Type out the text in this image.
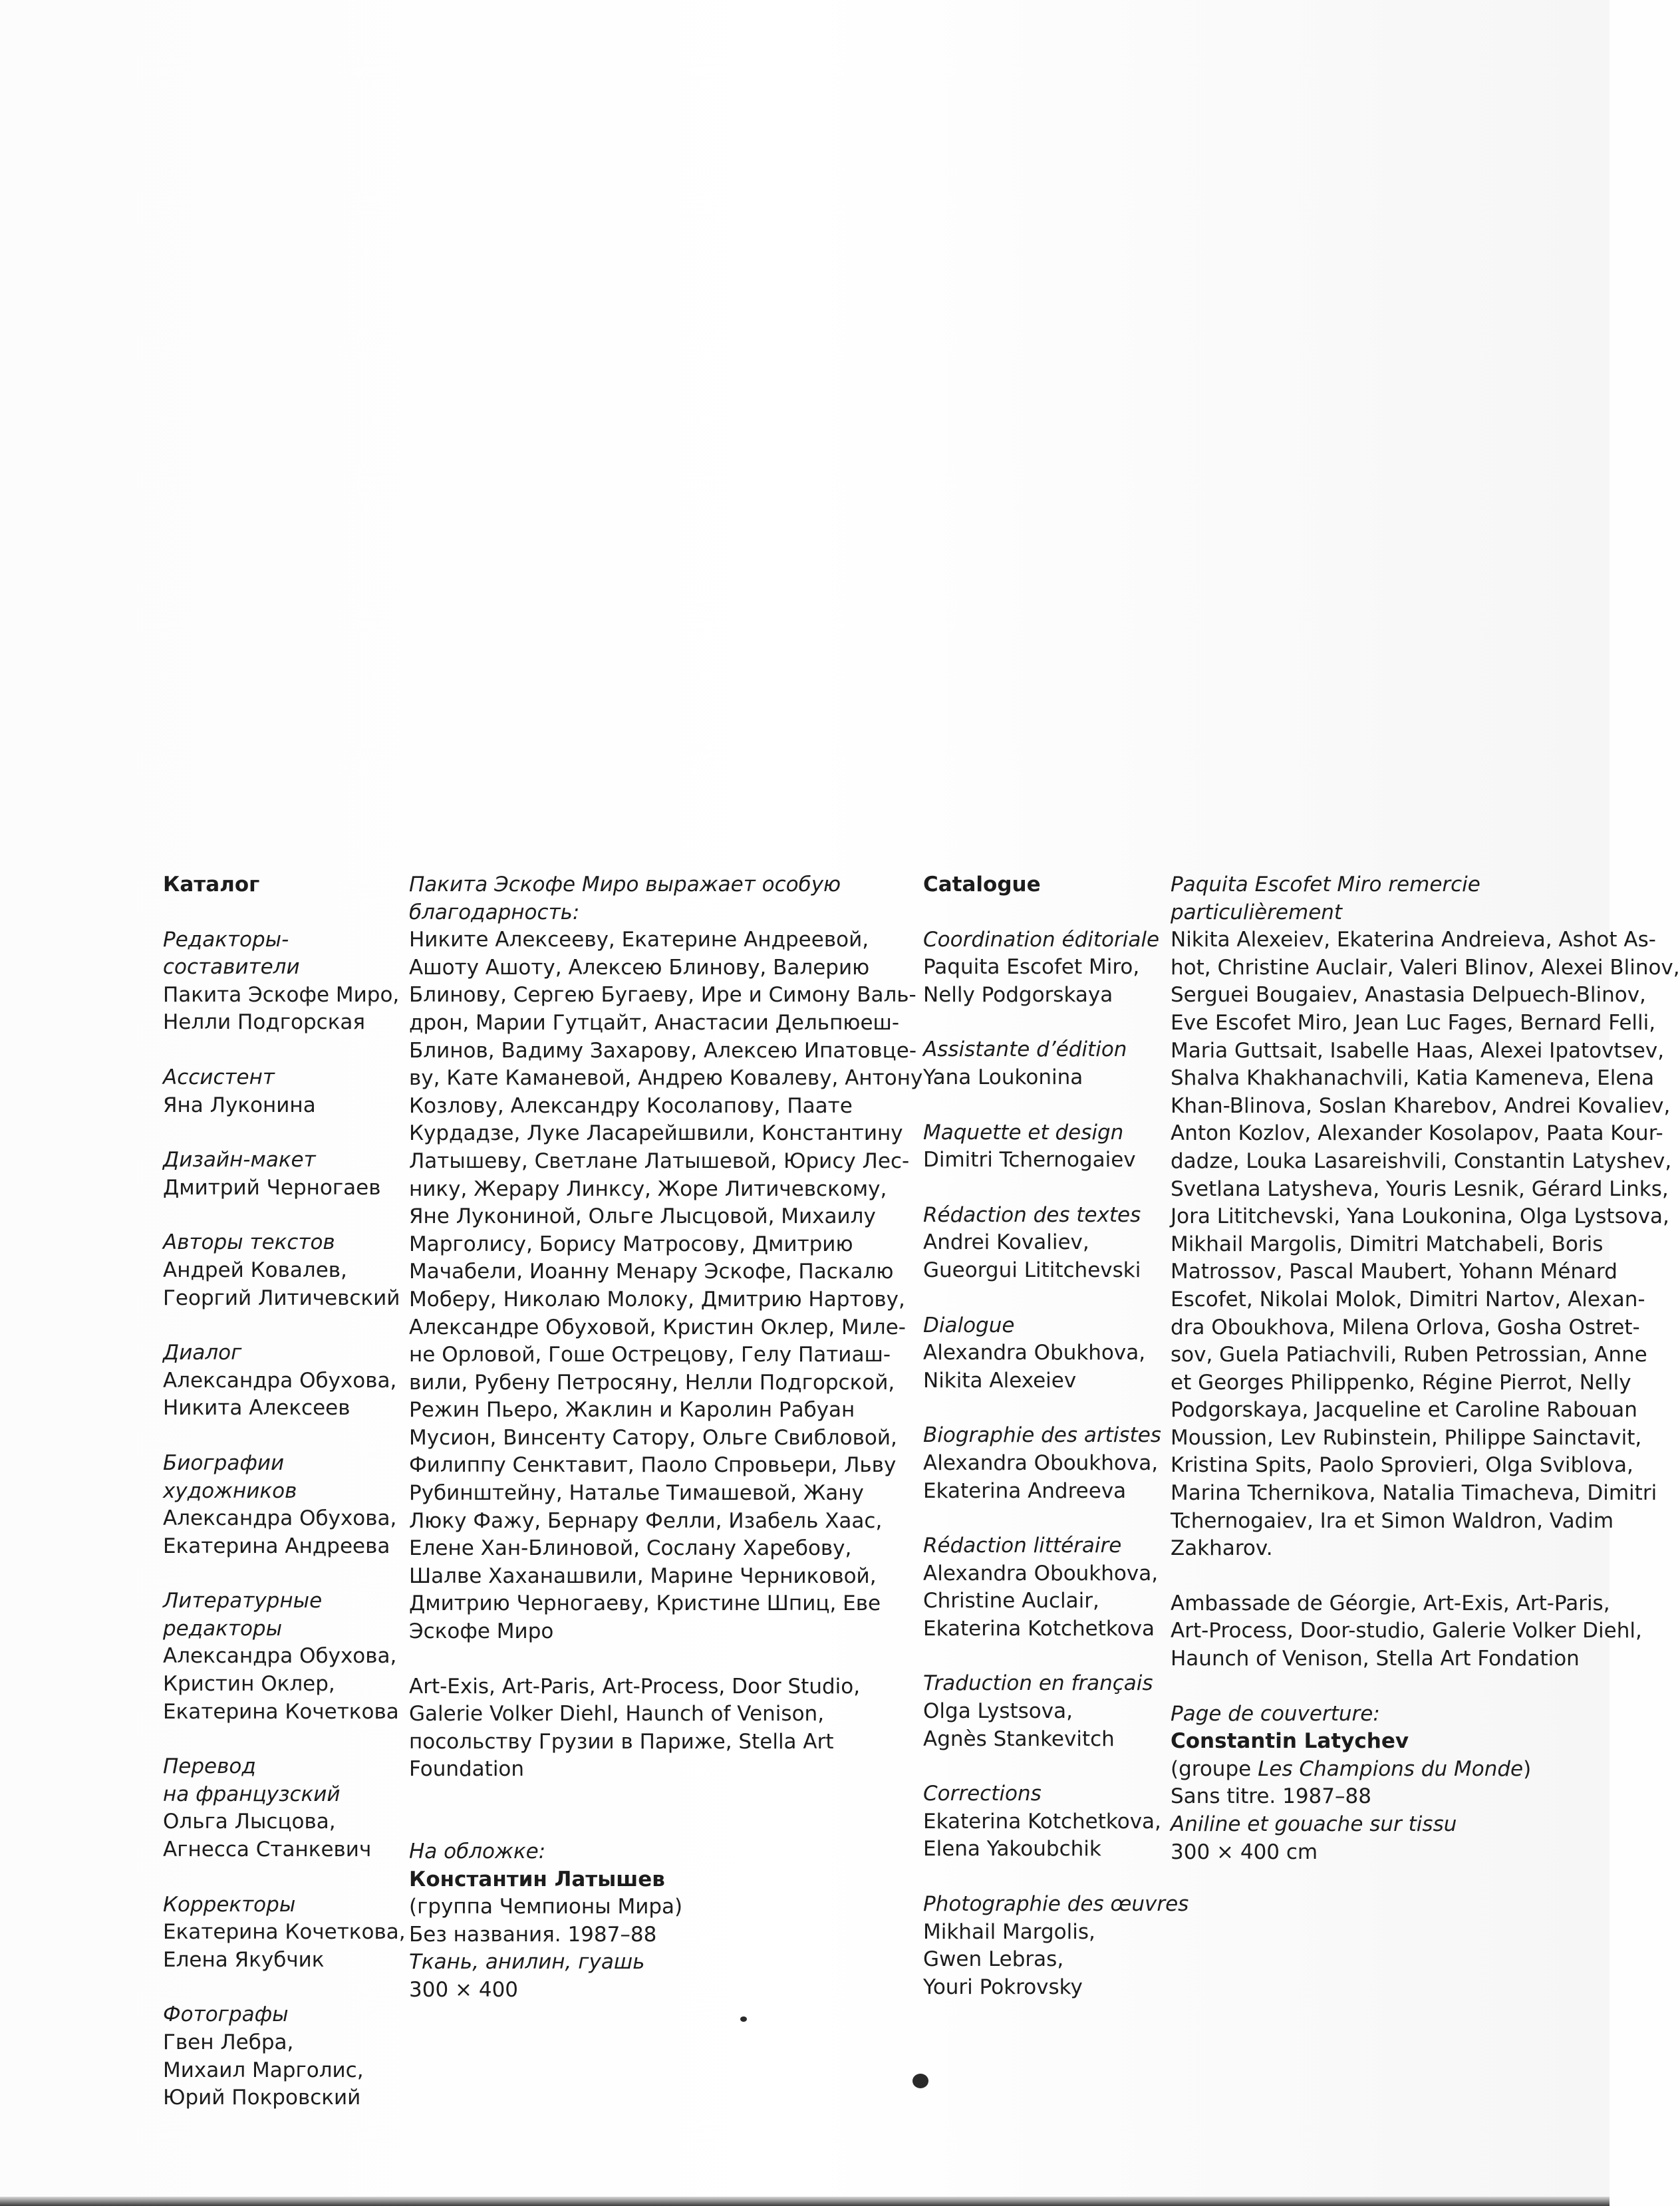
Каталог
Редакторы-
составители
Пакита Эскофе Миро,
Нелли Подгорская
Ассистент
Яна Луконина
Дизайн-макет
Дмитрий Черногаев
Авторы текстов
Андрей Ковалев,
Георгий Литичевский
Диалог
Александра Обухова,
Никита Алексеев
Биографии
художников
Александра Обухова,
Екатерина Андреева
Литературные
редакторы
Александра Обухова,
Кристин Оклер,
Екатерина Кочеткова
Перевод
на французский
Ольга Лысцова,
Агнесса Станкевич
Корректоры
Екатерина Кочеткова,
Елена Якубчик
Фотографы
Гвен Лебра,
Михаил Марголис,
Юрий Покровский
Пакита Эскофе Миро выражает особую
благодарность:
Никите Алексееву, Екатерине Андреевой,
Ашоту Ашоту, Алексею Блинову, Валерию
Блинову, Сергею Бугаеву, Ире и Симону Валь-
дрон, Марии Гутцайт, Анастасии Дельпюеш-
Блинов, Вадиму Захарову, Алексею Ипатовце-
ву, Кате Каманевой, Андрею Ковалеву, Антону
Козлову, Александру Косолапову, Паате
Курдадзе, Луке Ласарейшвили, Константину
Латышеву, Светлане Латышевой, Юрису Лес-
нику, Жерару Линксу, Жоре Литичевскому,
Яне Лукониной, Ольге Лысцовой, Михаилу
Марголису, Борису Матросову, Дмитрию
Мачабели, Иоанну Менару Эскофе, Паскалю
Моберу, Николаю Молоку, Дмитрию Нартову,
Александре Обуховой, Кристин Оклер, Миле-
не Орловой, Гоше Острецову, Гелу Патиаш-
вили, Рубену Петросяну, Нелли Подгорской,
Режин Пьеро, Жаклин и Каролин Рабуан
Мусион, Винсенту Сатору, Ольге Свибловой,
Филиппу Сенктавит, Паоло Спровьери, Льву
Рубинштейну, Наталье Тимашевой, Жану
Люку Фажу, Бернару Фелли, Изабель Хаас,
Елене Хан-Блиновой, Сослану Харебову,
Шалве Хаханашвили, Марине Черниковой,
Дмитрию Черногаеву, Кристине Шпиц, Еве
Эскофе Миро
Art-Exis, Art-Paris, Art-Process, Door Studio,
Galerie Volker Diehl, Haunch of Venison,
посольству Грузии в Париже, Stella Art
Foundation
На обложке:
Константин Латышев
(группа Чемпионы Мира)
Без названия. 1987–88
Ткань, анилин, гуашь
300 × 400
Catalogue
Coordination éditoriale
Paquita Escofet Miro,
Nelly Podgorskaya
Assistante d’édition
Yana Loukonina
Maquette et design
Dimitri Tchernogaiev
Rédaction des textes
Andrei Kovaliev,
Gueorgui Lititchevski
Dialogue
Alexandra Obukhova,
Nikita Alexeiev
Biographie des artistes
Alexandra Oboukhova,
Ekaterina Andreeva
Rédaction littéraire
Alexandra Oboukhova,
Christine Auclair,
Ekaterina Kotchetkova
Traduction en français
Olga Lystsova,
Agnès Stankevitch
Corrections
Ekaterina Kotchetkova,
Elena Yakoubchik
Photographie des œuvres
Mikhail Margolis,
Gwen Lebras,
Youri Pokrovsky
Paquita Escofet Miro remercie
particulièrement
Nikita Alexeiev, Ekaterina Andreieva, Ashot As-
hot, Christine Auclair, Valeri Blinov, Alexei Blinov,
Serguei Bougaiev, Anastasia Delpuech-Blinov,
Eve Escofet Miro, Jean Luc Fages, Bernard Felli,
Maria Guttsait, Isabelle Haas, Alexei Ipatovtsev,
Shalva Khakhanachvili, Katia Kameneva, Elena
Khan-Blinova, Soslan Kharebov, Andrei Kovaliev,
Anton Kozlov, Alexander Kosolapov, Paata Kour-
dadze, Louka Lasareishvili, Constantin Latyshev,
Svetlana Latysheva, Youris Lesnik, Gérard Links,
Jora Lititchevski, Yana Loukonina, Olga Lystsova,
Mikhail Margolis, Dimitri Matchabeli, Boris
Matrossov, Pascal Maubert, Yohann Ménard
Escofet, Nikolai Molok, Dimitri Nartov, Alexan-
dra Oboukhova, Milena Orlova, Gosha Ostret-
sov, Guela Patiachvili, Ruben Petrossian, Anne
et Georges Philippenko, Régine Pierrot, Nelly
Podgorskaya, Jacqueline et Caroline Rabouan
Moussion, Lev Rubinstein, Philippe Sainctavit,
Kristina Spits, Paolo Sprovieri, Olga Sviblova,
Marina Tchernikova, Natalia Timacheva, Dimitri
Tchernogaiev, Ira et Simon Waldron, Vadim
Zakharov.
Ambassade de Géorgie, Art-Exis, Art-Paris,
Art-Process, Door-studio, Galerie Volker Diehl,
Haunch of Venison, Stella Art Fondation
Page de couverture:
Constantin Latychev
(groupe Les Champions du Monde)
Sans titre. 1987–88
Aniline et gouache sur tissu
300 × 400 cm
